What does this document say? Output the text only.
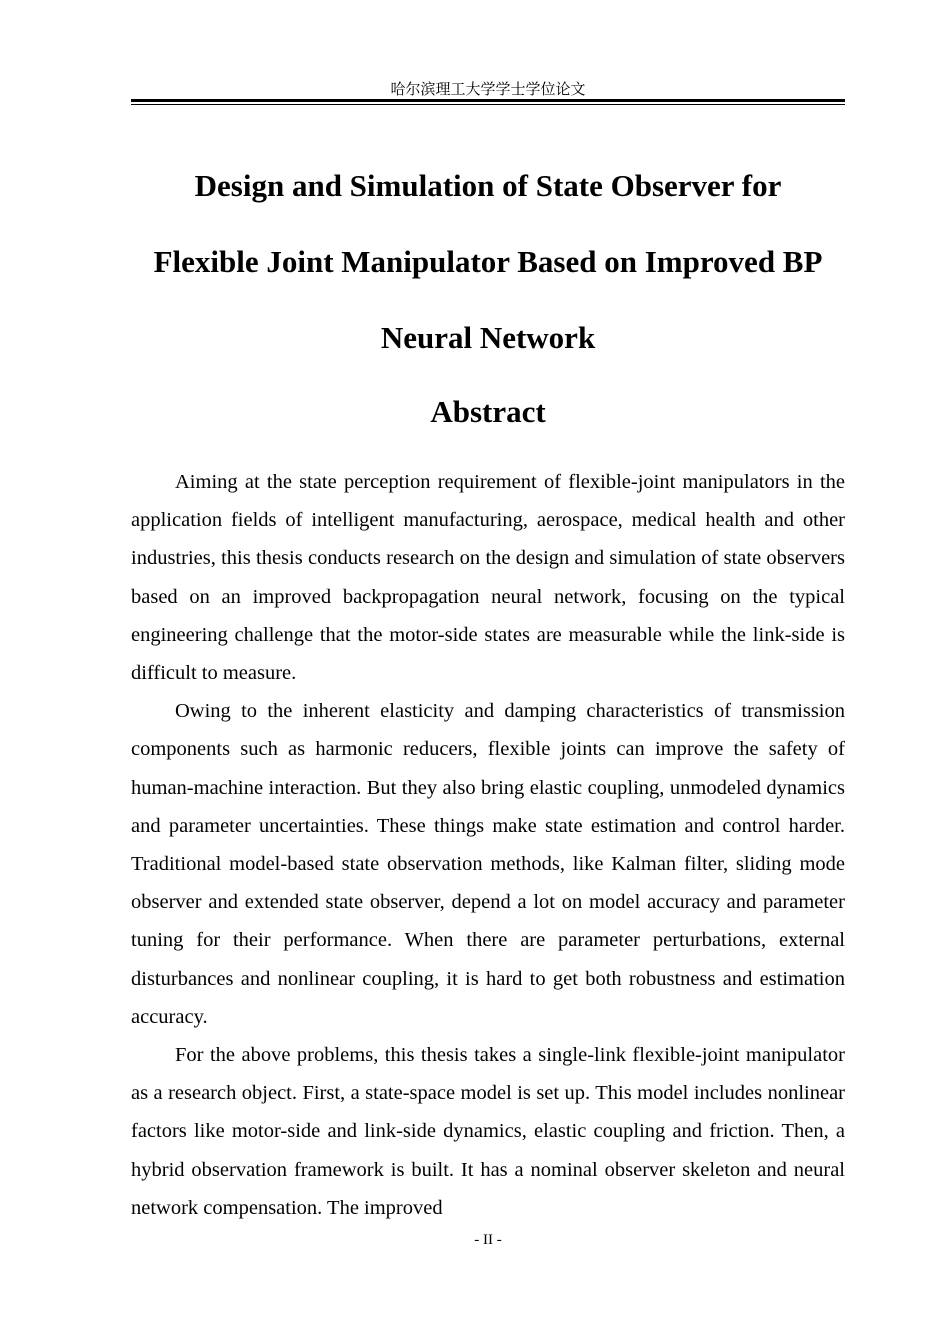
哈尔滨理工大学学士学位论文
Design and Simulation of State Observer for
Flexible Joint Manipulator Based on Improved BP
Neural Network
Abstract

Aiming at the state perception requirement of flexible-joint manipulators in the application fields of intelligent manufacturing, aerospace, medical health and other industries, this thesis conducts research on the design and simulation of state observers based on an improved backpropagation neural network, focusing on the typical engineering challenge that the motor-side states are measurable while the link-side is difficult to measure.

Owing to the inherent elasticity and damping characteristics of transmission components such as harmonic reducers, flexible joints can improve the safety of human-machine interaction. But they also bring elastic coupling, unmodeled dynamics and parameter uncertainties. These things make state estimation and control harder. Traditional model-based state observation methods, like Kalman filter, sliding mode observer and extended state observer, depend a lot on model accuracy and parameter tuning for their performance. When there are parameter perturbations, external disturbances and nonlinear coupling, it is hard to get both robustness and estimation accuracy.

For the above problems, this thesis takes a single-link flexible-joint manipulator as a research object. First, a state-space model is set up. This model includes nonlinear factors like motor-side and link-side dynamics, elastic coupling and friction. Then, a hybrid observation framework is built. It has a nominal observer skeleton and neural network compensation. The improved

- II -
